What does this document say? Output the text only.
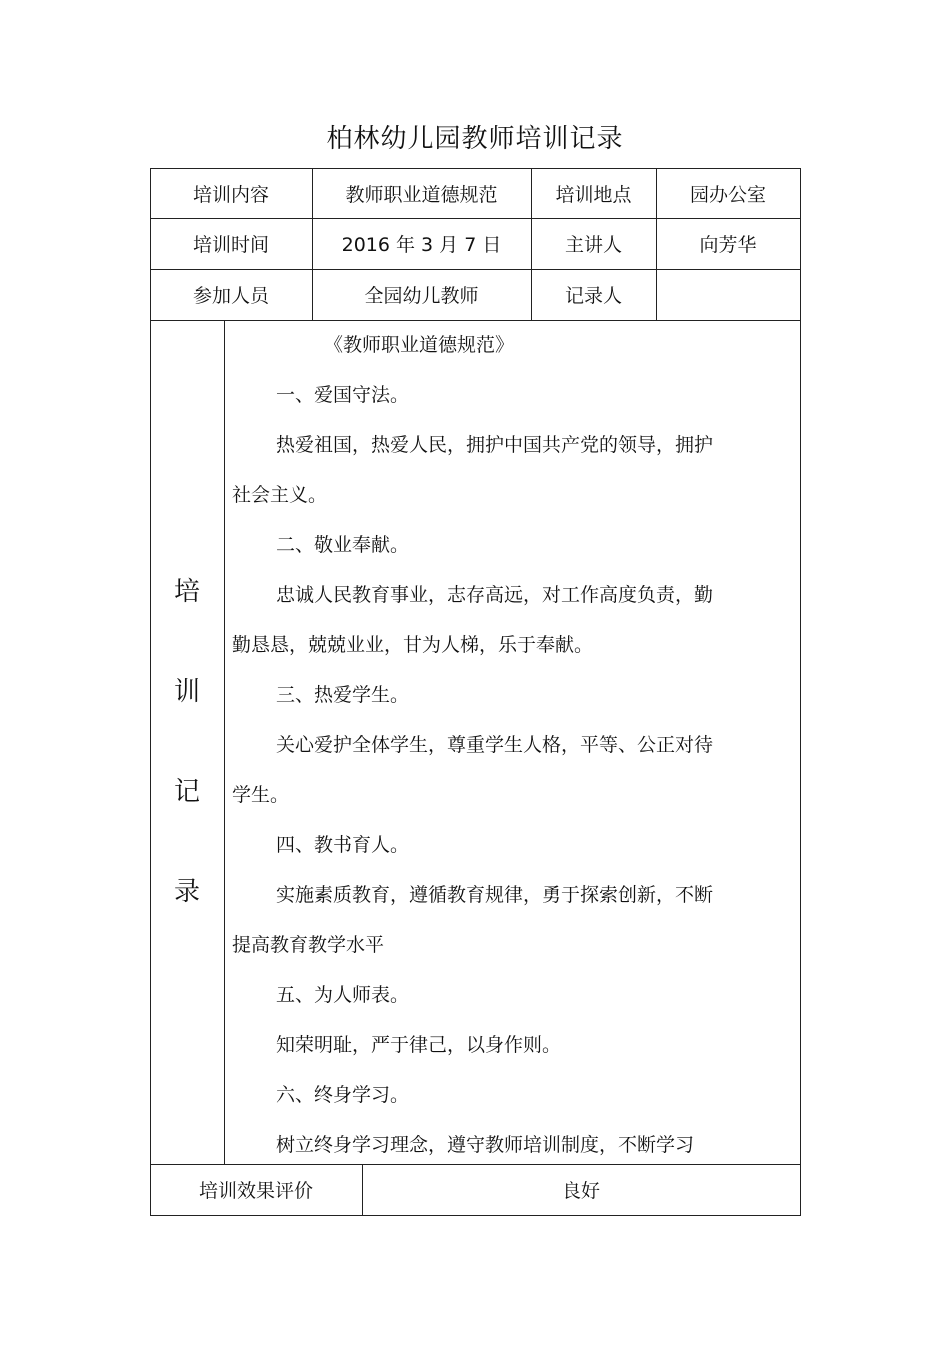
柏林幼儿园教师培训记录
培训内容	教师职业道德规范	培训地点	园办公室
培训时间	2016 年 3 月 7 日	主讲人	向芳华
参加人员	全园幼儿教师	记录人
培
训
记
录
《教师职业道德规范》
一、爱国守法。
热爱祖国，热爱人民，拥护中国共产党的领导，拥护
社会主义。
二、敬业奉献。
忠诚人民教育事业，志存高远，对工作高度负责，勤
勤恳恳，兢兢业业，甘为人梯，乐于奉献。
三、热爱学生。
关心爱护全体学生，尊重学生人格，平等、公正对待
学生。
四、教书育人。
实施素质教育，遵循教育规律，勇于探索创新，不断
提高教育教学水平
五、为人师表。
知荣明耻，严于律己，以身作则。
六、终身学习。
树立终身学习理念，遵守教师培训制度，不断学习
培训效果评价	良好
